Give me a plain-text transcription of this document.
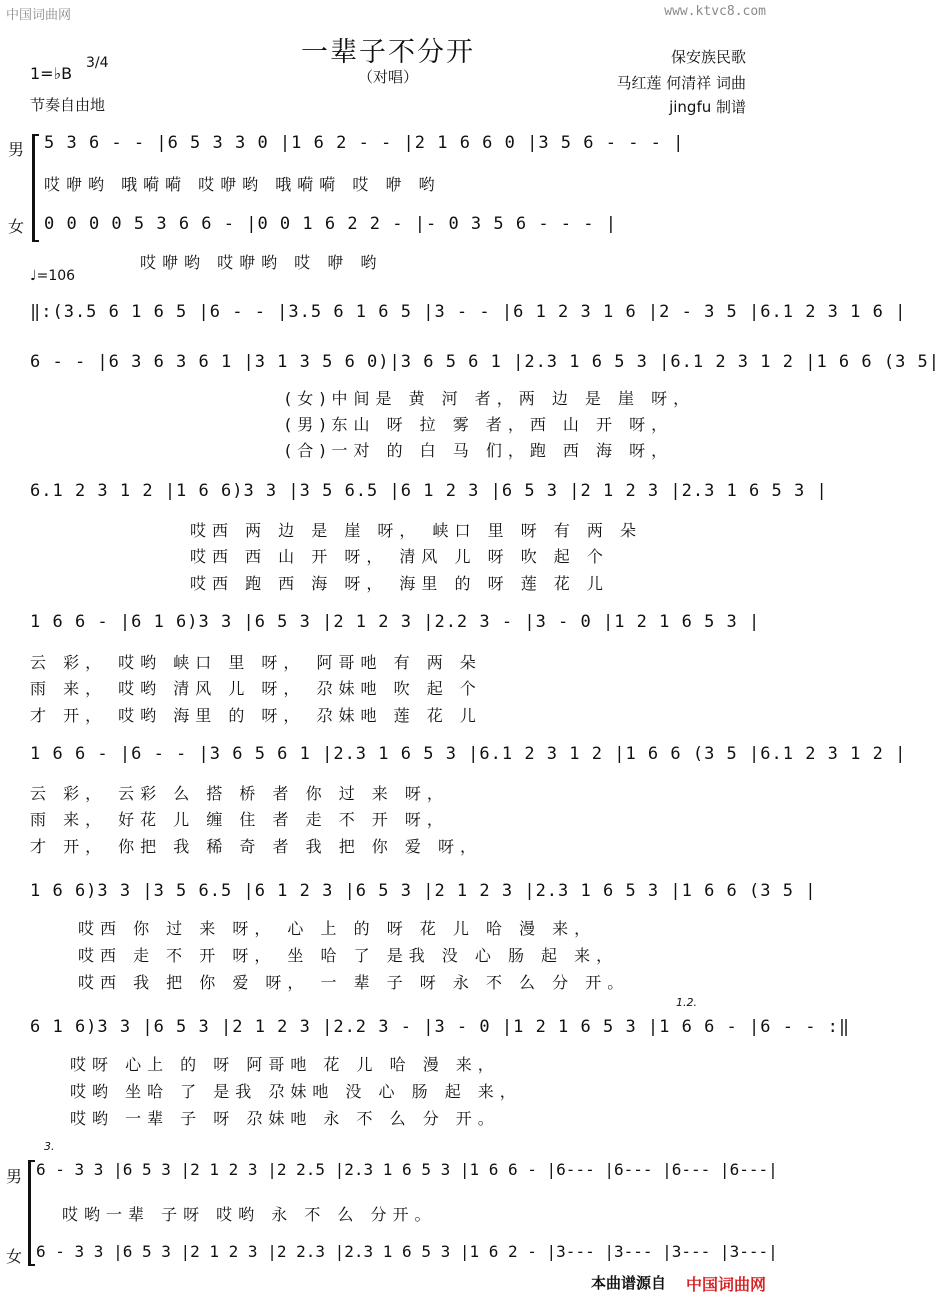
中国词曲网	www.ktvc8.com
一辈子不分开
（对唱）
1=♭B
3/4
节奏自由地
保安族民歌
马红莲 何清祥 词曲
jingfu 制谱
男
女
5 3 6 - - |6 5 3 3 0 |1 6 2 - - |2 1 6 6 0 |3 5 6 - - - |
哎咿哟 哦嗬嗬 哎咿哟 哦嗬嗬 哎 咿 哟
0 0 0 0 5 3 6 6 - |0 0 1 6 2 2 - |- 0 3 5 6 - - - |
哎咿哟 哎咿哟 哎 咿 哟
♩=106
‖:(3.5 6 1 6 5 |6 - - |3.5 6 1 6 5 |3 - - |6 1 2 3 1 6 |2 - 3 5 |6.1 2 3 1 6 |
6 - - |6 3 6 3 6 1 |3 1 3 5 6 0)|3 6 5 6 1 |2.3 1 6 5 3 |6.1 2 3 1 2 |1 6 6 (3 5|
(女)中间是 黄 河 者，两 边 是 崖 呀，
(男)东山 呀 拉 雾 者，西 山 开 呀，
(合)一对 的 白 马 们，跑 西 海 呀，
6.1 2 3 1 2 |1 6 6)3 3 |3 5 6.5 |6 1 2 3 |6 5 3 |2 1 2 3 |2.3 1 6 5 3 |
哎西 两 边 是 崖 呀， 峡口 里 呀 有 两 朵
哎西 西 山 开 呀， 清风 儿 呀 吹 起 个
哎西 跑 西 海 呀， 海里 的 呀 莲 花 儿
1 6 6 - |6 1 6)3 3 |6 5 3 |2 1 2 3 |2.2 3 - |3 - 0 |1 2 1 6 5 3 |
云 彩， 哎哟 峡口 里 呀， 阿哥吔 有 两 朵
雨 来， 哎哟 清风 儿 呀， 尕妹吔 吹 起 个
才 开， 哎哟 海里 的 呀， 尕妹吔 莲 花 儿
1 6 6 - |6 - - |3 6 5 6 1 |2.3 1 6 5 3 |6.1 2 3 1 2 |1 6 6 (3 5 |6.1 2 3 1 2 |
云 彩， 云彩 么 搭 桥 者 你 过 来 呀，
雨 来， 好花 儿 缠 住 者 走 不 开 呀，
才 开， 你把 我 稀 奇 者 我 把 你 爱 呀，
1 6 6)3 3 |3 5 6.5 |6 1 2 3 |6 5 3 |2 1 2 3 |2.3 1 6 5 3 |1 6 6 (3 5 |
哎西 你 过 来 呀， 心 上 的 呀 花 儿 哈 漫 来，
哎西 走 不 开 呀， 坐 哈 了 是我 没 心 肠 起 来，
哎西 我 把 你 爱 呀， 一 辈 子 呀 永 不 么 分 开。
1.2.
6 1 6)3 3 |6 5 3 |2 1 2 3 |2.2 3 - |3 - 0 |1 2 1 6 5 3 |1 6 6 - |6 - - :‖
哎呀 心上 的 呀 阿哥吔 花 儿 哈 漫 来，
哎哟 坐哈 了 是我 尕妹吔 没 心 肠 起 来，
哎哟 一辈 子 呀 尕妹吔 永 不 么 分 开。
3.
男
女
6 - 3 3 |6 5 3 |2 1 2 3 |2 2.5 |2.3 1 6 5 3 |1 6 6 - |6--- |6--- |6--- |6---|
哎哟一辈 子呀 哎哟 永 不 么 分开。
6 - 3 3 |6 5 3 |2 1 2 3 |2 2.3 |2.3 1 6 5 3 |1 6 2 - |3--- |3--- |3--- |3---|
本曲谱源自 中国词曲网
